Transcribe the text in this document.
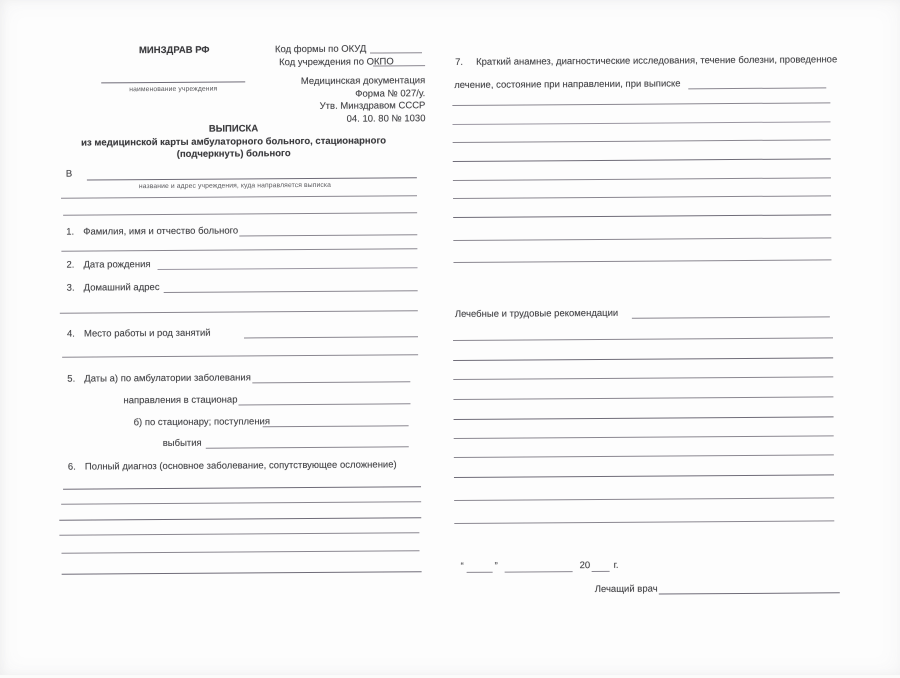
МИНЗДРАВ РФ	Код формы по ОКУД
Код учреждения по ОКПО
наименование учреждения
Медицинская документация
Форма № 027/у.
Утв. Минздравом СССР
04. 10. 80 № 1030
ВЫПИСКА
из медицинской карты амбулаторного больного, стационарного
(подчеркнуть) больного
В
название и адрес учреждения, куда направляется выписка
1. Фамилия, имя и отчество больного
2. Дата рождения
3. Домашний адрес
4. Место работы и род занятий
5. Даты а) по амбулатории заболевания
направления в стационар
б) по стационару; поступления
выбытия
6. Полный диагноз (основное заболевание, сопутствующее осложнение)
7. Краткий анамнез, диагностические исследования, течение болезни, проведенное
лечение, состояние при направлении, при выписке
Лечебные и трудовые рекомендации
“	”	20 г.
Лечащий врач
